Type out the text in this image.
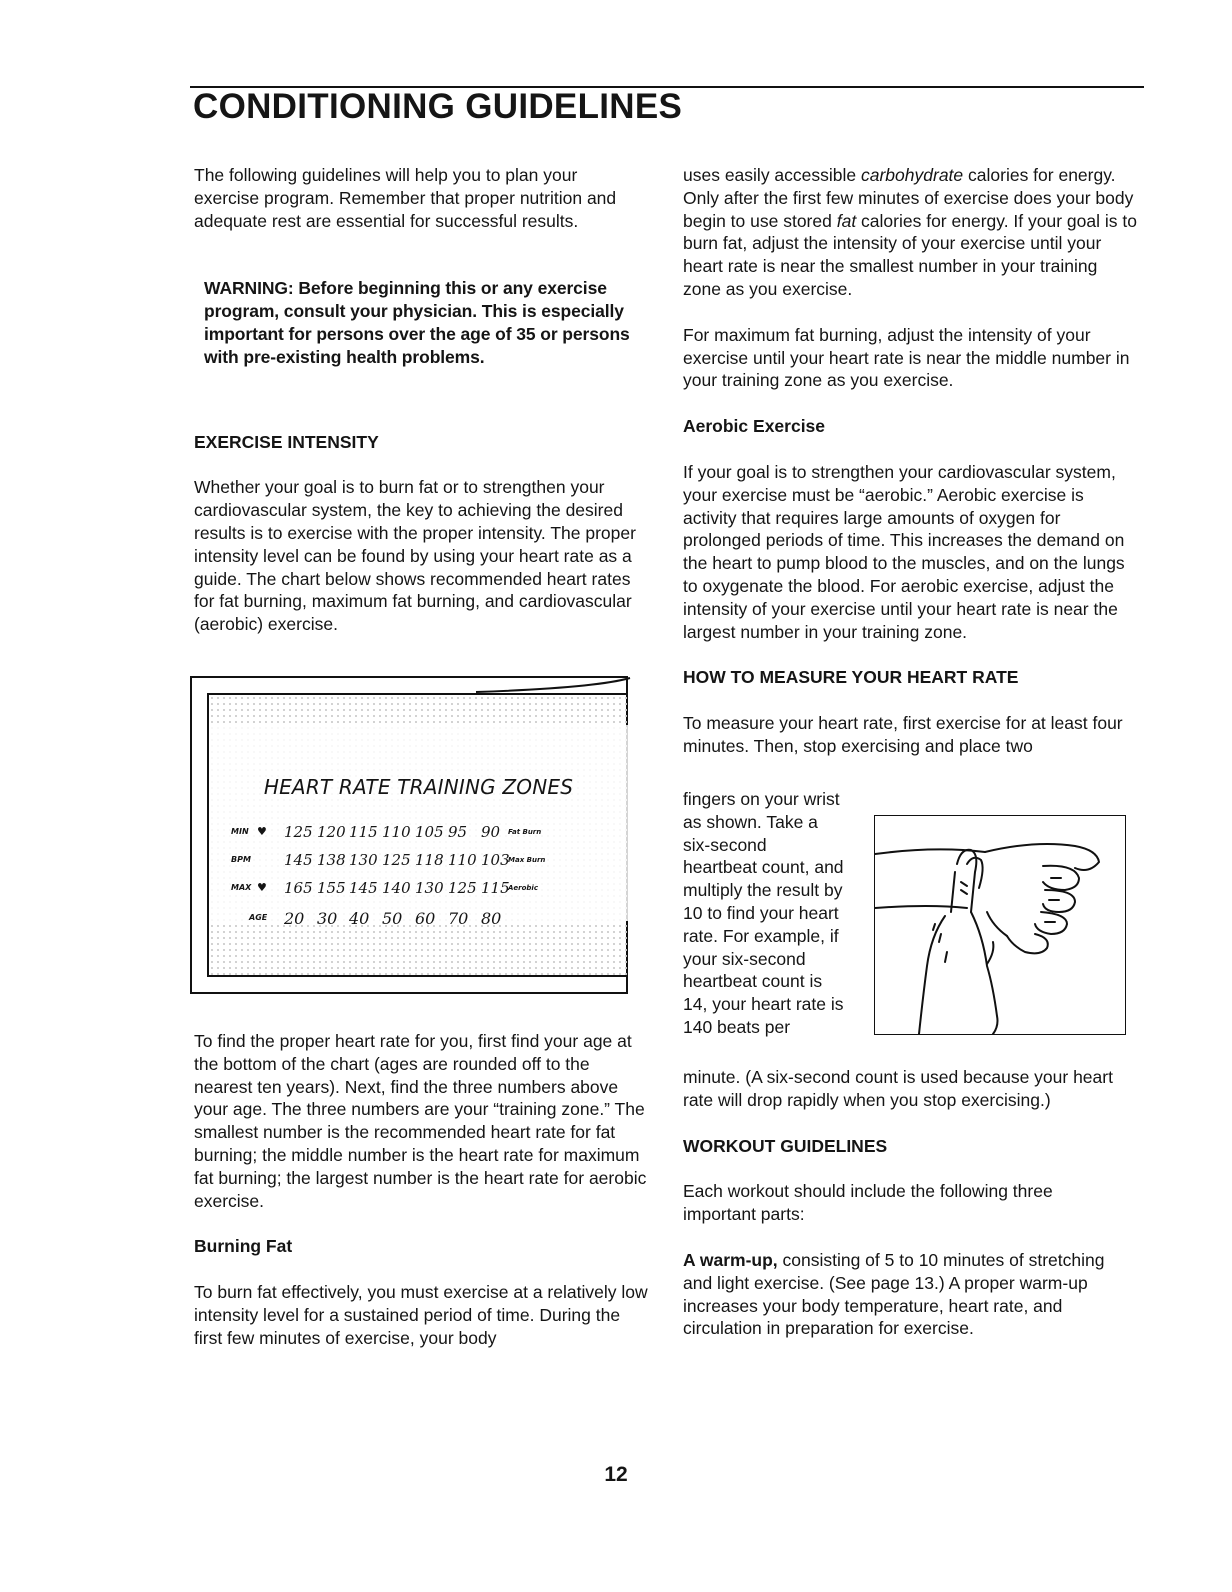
CONDITIONING GUIDELINES

The following guidelines will help you to plan your exercise program. Remember that proper nutrition and adequate rest are essential for successful results.

WARNING: Before beginning this or any exercise program, consult your physician. This is especially important for persons over the age of 35 or persons with pre-existing health problems.

EXERCISE INTENSITY

Whether your goal is to burn fat or to strengthen your cardiovascular system, the key to achieving the desired results is to exercise with the proper intensity. The proper intensity level can be found by using your heart rate as a guide. The chart below shows recommended heart rates for fat burning, maximum fat burning, and cardiovascular (aerobic) exercise.

HEART RATE TRAINING ZONES

MIN ♥ 125 120 115 110 105 95 90 Fat Burn
BPM 145 138 130 125 118 110 103
Max Burn
MAX ♥ 165 155 145 140 130 125 115
Aerobic
AGE 20 30 40 50 60 70 80

To find the proper heart rate for you, first find your age at the bottom of the chart (ages are rounded off to the nearest ten years). Next, find the three numbers above your age. The three numbers are your “training zone.” The smallest number is the recommended heart rate for fat burning; the middle number is the heart rate for maximum fat burning; the largest number is the heart rate for aerobic exercise.

Burning Fat

To burn fat effectively, you must exercise at a relatively low intensity level for a sustained period of time. During the first few minutes of exercise, your body

uses easily accessible carbohydrate calories for energy. Only after the first few minutes of exercise does your body begin to use stored fat calories for energy. If your goal is to burn fat, adjust the intensity of your exercise until your heart rate is near the smallest number in your training zone as you exercise.

For maximum fat burning, adjust the intensity of your exercise until your heart rate is near the middle number in your training zone as you exercise.

Aerobic Exercise

If your goal is to strengthen your cardiovascular system, your exercise must be “aerobic.” Aerobic exercise is activity that requires large amounts of oxygen for prolonged periods of time. This increases the demand on the heart to pump blood to the muscles, and on the lungs to oxygenate the blood. For aerobic exercise, adjust the intensity of your exercise until your heart rate is near the largest number in your training zone.

HOW TO MEASURE YOUR HEART RATE

To measure your heart rate, first exercise for at least four minutes. Then, stop exercising and place two

fingers on your wrist as shown. Take a six-second heartbeat count, and multiply the result by 10 to find your heart rate. For example, if your six-second heartbeat count is 14, your heart rate is 140 beats per

minute. (A six-second count is used because your heart rate will drop rapidly when you stop exercising.)

WORKOUT GUIDELINES

Each workout should include the following three important parts:

A warm-up, consisting of 5 to 10 minutes of stretching and light exercise. (See page 13.) A proper warm-up increases your body temperature, heart rate, and circulation in preparation for exercise.

12
